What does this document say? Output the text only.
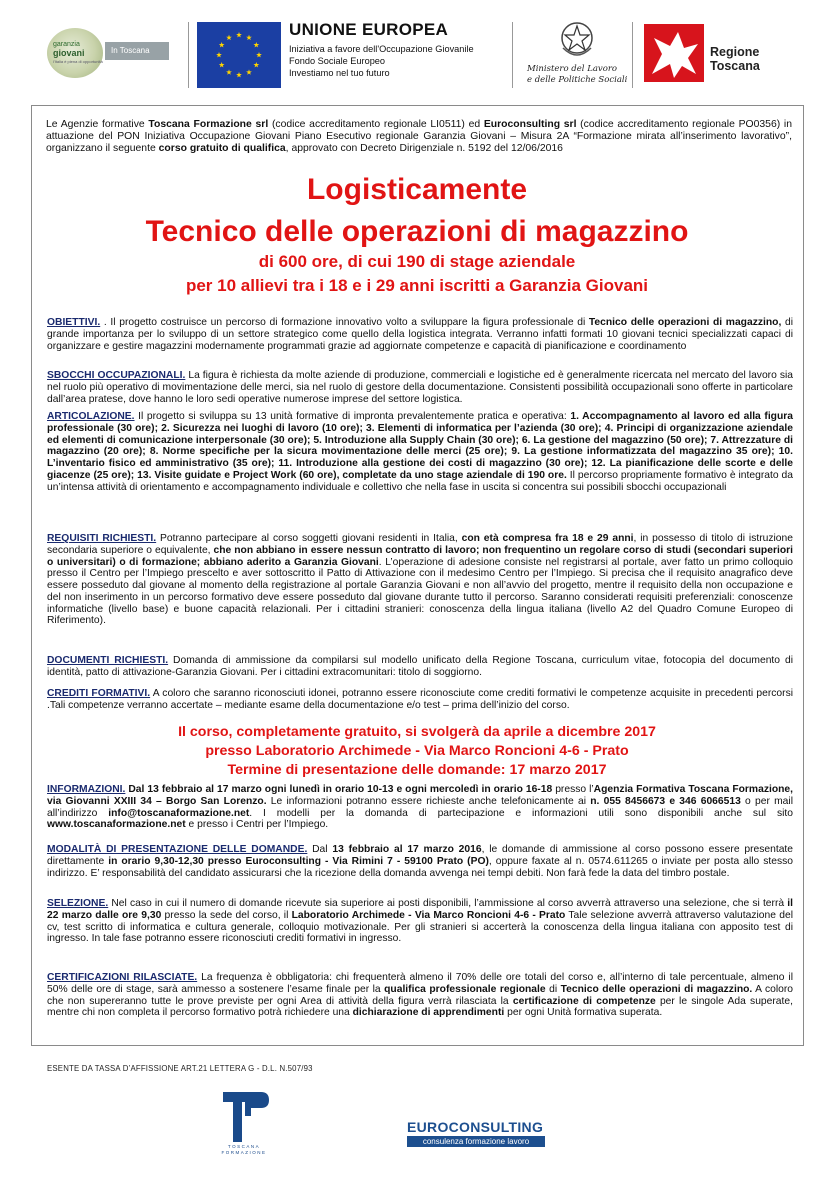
garanzia
giovani
l'Italia è piena di opportunità
In Toscana
UNIONE EUROPEA
Iniziativa a favore dell'Occupazione Giovanile
Fondo Sociale Europeo
Investiamo nel tuo futuro	Ministero del Lavoro
e delle Politiche Sociali
Regione Toscana
Le Agenzie formative Toscana Formazione srl (codice accreditamento regionale LI0511) ed Euroconsulting srl (codice accreditamento regionale PO0356) in attuazione del PON Iniziativa Occupazione Giovani Piano Esecutivo regionale Garanzia Giovani – Misura 2A “Formazione mirata all’inserimento lavorativo”, organizzano il seguente corso gratuito di qualifica, approvato con Decreto Dirigenziale n. 5192 del 12/06/2016
Logisticamente
Tecnico delle operazioni di magazzino
di 600 ore, di cui 190 di stage aziendale
per 10 allievi tra i 18 e i 29 anni iscritti a Garanzia Giovani
OBIETTIVI. . Il progetto costruisce un percorso di formazione innovativo volto a sviluppare la figura professionale di Tecnico delle operazioni di magazzino, di grande importanza per lo sviluppo di un settore strategico come quello della logistica integrata. Verranno infatti formati 10 giovani tecnici specializzati capaci di organizzare e gestire magazzini modernamente programmati grazie ad aggiornate competenze e capacità di pianificazione e coordinamento
SBOCCHI OCCUPAZIONALI. La figura è richiesta da molte aziende di produzione, commerciali e logistiche ed è generalmente ricercata nel mercato del lavoro sia nel ruolo più operativo di movimentazione delle merci, sia nel ruolo di gestore della documentazione. Consistenti possibilità occupazionali sono offerte in particolare dall’area pratese, dove hanno le loro sedi operative numerose imprese del settore logistica.
ARTICOLAZIONE. Il progetto si sviluppa su 13 unità formative di impronta prevalentemente pratica e operativa: 1. Accompagnamento al lavoro ed alla figura professionale (30 ore); 2. Sicurezza nei luoghi di lavoro (10 ore); 3. Elementi di informatica per l’azienda (30 ore); 4. Principi di organizzazione aziendale ed elementi di comunicazione interpersonale (30 ore); 5. Introduzione alla Supply Chain (30 ore); 6. La gestione del magazzino (50 ore); 7. Attrezzature di magazzino (20 ore); 8. Norme specifiche per la sicura movimentazione delle merci (25 ore); 9. La gestione informatizzata del magazzino 35 ore); 10. L’inventario fisico ed amministrativo (35 ore); 11. Introduzione alla gestione dei costi di magazzino (30 ore); 12. La pianificazione delle scorte e delle giacenze (25 ore); 13. Visite guidate e Project Work (60 ore), completate da uno stage aziendale di 190 ore. Il percorso propriamente formativo è integrato da un’intensa attività di orientamento e accompagnamento individuale e collettivo che nella fase in uscita si concentra sui possibili sbocchi occupazionali
REQUISITI RICHIESTI. Potranno partecipare al corso soggetti giovani residenti in Italia, con età compresa fra 18 e 29 anni, in possesso di titolo di istruzione secondaria superiore o equivalente, che non abbiano in essere nessun contratto di lavoro; non frequentino un regolare corso di studi (secondari superiori o universitari) o di formazione; abbiano aderito a Garanzia Giovani. L’operazione di adesione consiste nel registrarsi al portale, aver fatto un primo colloquio presso il Centro per l’Impiego prescelto e aver sottoscritto il Patto di Attivazione con il medesimo Centro per l’Impiego. Si precisa che il requisito anagrafico deve essere posseduto dal giovane al momento della registrazione al portale Garanzia Giovani e non all’avvio del progetto, mentre il requisito della non occupazione e del non inserimento in un percorso formativo deve essere posseduto dal giovane durante tutto il percorso. Saranno considerati requisiti preferenziali: conoscenze informatiche (livello base) e buone capacità relazionali. Per i cittadini stranieri: conoscenza della lingua italiana (livello A2 del Quadro Comune Europeo di Riferimento).
DOCUMENTI RICHIESTI. Domanda di ammissione da compilarsi sul modello unificato della Regione Toscana, curriculum vitae, fotocopia del documento di identità, patto di attivazione-Garanzia Giovani. Per i cittadini extracomunitari: titolo di soggiorno.
CREDITI FORMATIVI. A coloro che saranno riconosciuti idonei, potranno essere riconosciute come crediti formativi le competenze acquisite in precedenti percorsi .Tali competenze verranno accertate – mediante esame della documentazione e/o test – prima dell’inizio del corso.
Il corso, completamente gratuito, si svolgerà da aprile a dicembre 2017
presso Laboratorio Archimede - Via Marco Roncioni 4-6 - Prato
Termine di presentazione delle domande: 17 marzo 2017
INFORMAZIONI. Dal 13 febbraio al 17 marzo ogni lunedì in orario 10-13 e ogni mercoledì in orario 16-18 presso l’Agenzia Formativa Toscana Formazione, via Giovanni XXIII 34 – Borgo San Lorenzo. Le informazioni potranno essere richieste anche telefonicamente ai n. 055 8456673 e 346 6066513 o per mail all’indirizzo info@toscanaformazione.net. I modelli per la domanda di partecipazione e informazioni utili sono disponibili anche sul sito www.toscanaformazione.net e presso i Centri per l’Impiego.
MODALITÀ DI PRESENTAZIONE DELLE DOMANDE. Dal 13 febbraio al 17 marzo 2016, le domande di ammissione al corso possono essere presentate direttamente in orario 9,30-12,30 presso Euroconsulting - Via Rimini 7 - 59100 Prato (PO), oppure faxate al n. 0574.611265 o inviate per posta allo stesso indirizzo. E’ responsabilità del candidato assicurarsi che la ricezione della domanda avvenga nei tempi debiti. Non farà fede la data del timbro postale.
SELEZIONE. Nel caso in cui il numero di domande ricevute sia superiore ai posti disponibili, l’ammissione al corso avverrà attraverso una selezione, che si terrà il 22 marzo dalle ore 9,30 presso la sede del corso, il Laboratorio Archimede - Via Marco Roncioni 4-6 - Prato Tale selezione avverrà attraverso valutazione del cv, test scritto di informatica e cultura generale, colloquio motivazionale. Per gli stranieri si accerterà la conoscenza della lingua italiana con apposito test di ingresso. In tale fase potranno essere riconosciuti crediti formativi in ingresso.
CERTIFICAZIONI RILASCIATE. La frequenza è obbligatoria: chi frequenterà almeno il 70% delle ore totali del corso e, all’interno di tale percentuale, almeno il 50% delle ore di stage, sarà ammesso a sostenere l’esame finale per la qualifica professionale regionale di Tecnico delle operazioni di magazzino. A coloro che non supereranno tutte le prove previste per ogni Area di attività della figura verrà rilasciata la certificazione di competenze per le singole Ada superate, mentre chi non completa il percorso formativo potrà richiedere una dichiarazione di apprendimenti per ogni Unità formativa superata.
ESENTE DA TASSA D’AFFISSIONE ART.21 LETTERA G - D.L. N.507/93
TOSCANA
FORMAZIONE
EUROCONSULTING
consulenza formazione lavoro
